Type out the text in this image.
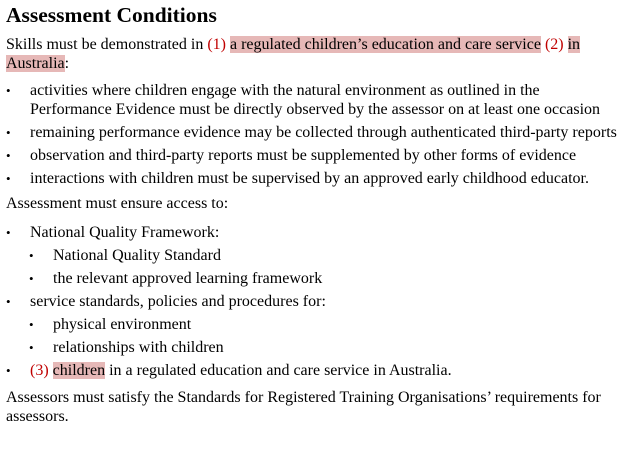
Assessment Conditions

Skills must be demonstrated in (1) a regulated children’s education and care service (2) in Australia:

• activities where children engage with the natural environment as outlined in the Performance Evidence must be directly observed by the assessor on at least one occasion
• remaining performance evidence may be collected through authenticated third-party reports
• observation and third-party reports must be supplemented by other forms of evidence
• interactions with children must be supervised by an approved early childhood educator.

Assessment must ensure access to:

• National Quality Framework:
• National Quality Standard
• the relevant approved learning framework
• service standards, policies and procedures for:
• physical environment
• relationships with children
• (3) children in a regulated education and care service in Australia.

Assessors must satisfy the Standards for Registered Training Organisations’ requirements for assessors.
